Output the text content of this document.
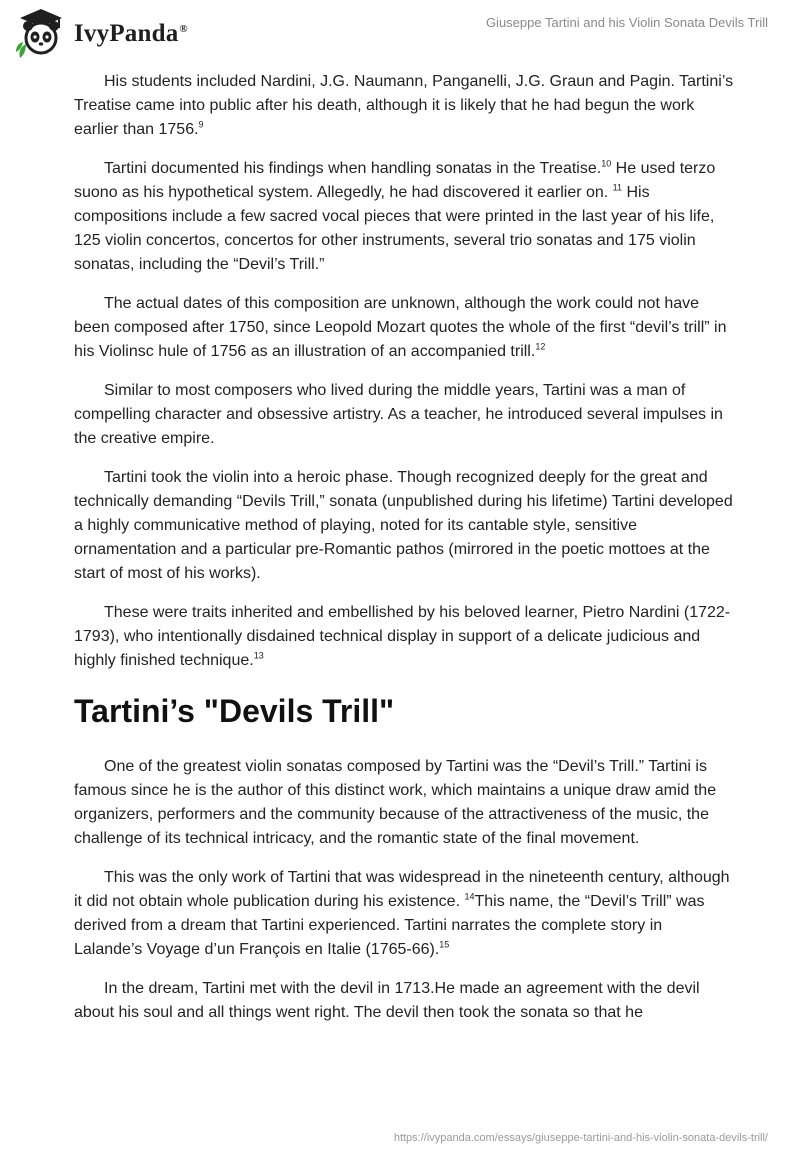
IvyPanda®	Giuseppe Tartini and his Violin Sonata Devils Trill

His students included Nardini, J.G. Naumann, Panganelli, J.G. Graun and Pagin. Tartini’s Treatise came into public after his death, although it is likely that he had begun the work earlier than 1756.$^9$

Tartini documented his findings when handling sonatas in the Treatise.$^{10}$ He used terzo suono as his hypothetical system. Allegedly, he had discovered it earlier on. $^{11}$ His compositions include a few sacred vocal pieces that were printed in the last year of his life, 125 violin concertos, concertos for other instruments, several trio sonatas and 175 violin sonatas, including the “Devil’s Trill.”

The actual dates of this composition are unknown, although the work could not have been composed after 1750, since Leopold Mozart quotes the whole of the first “devil’s trill” in his Violinsc hule of 1756 as an illustration of an accompanied trill.$^{12}$

Similar to most composers who lived during the middle years, Tartini was a man of compelling character and obsessive artistry. As a teacher, he introduced several impulses in the creative empire.

Tartini took the violin into a heroic phase. Though recognized deeply for the great and technically demanding “Devils Trill,” sonata (unpublished during his lifetime) Tartini developed a highly communicative method of playing, noted for its cantable style, sensitive ornamentation and a particular pre-Romantic pathos (mirrored in the poetic mottoes at the start of most of his works).

These were traits inherited and embellished by his beloved learner, Pietro Nardini (1722-1793), who intentionally disdained technical display in support of a delicate judicious and highly finished technique.$^{13}$

Tartini’s "Devils Trill"

One of the greatest violin sonatas composed by Tartini was the “Devil’s Trill.” Tartini is famous since he is the author of this distinct work, which maintains a unique draw amid the organizers, performers and the community because of the attractiveness of the music, the challenge of its technical intricacy, and the romantic state of the final movement.

This was the only work of Tartini that was widespread in the nineteenth century, although it did not obtain whole publication during his existence. $^{14}$This name, the “Devil’s Trill” was derived from a dream that Tartini experienced. Tartini narrates the complete story in Lalande’s Voyage d’un François en Italie (1765-66).$^{15}$

In the dream, Tartini met with the devil in 1713.He made an agreement with the devil about his soul and all things went right. The devil then took the sonata so that he

https://ivypanda.com/essays/giuseppe-tartini-and-his-violin-sonata-devils-trill/
